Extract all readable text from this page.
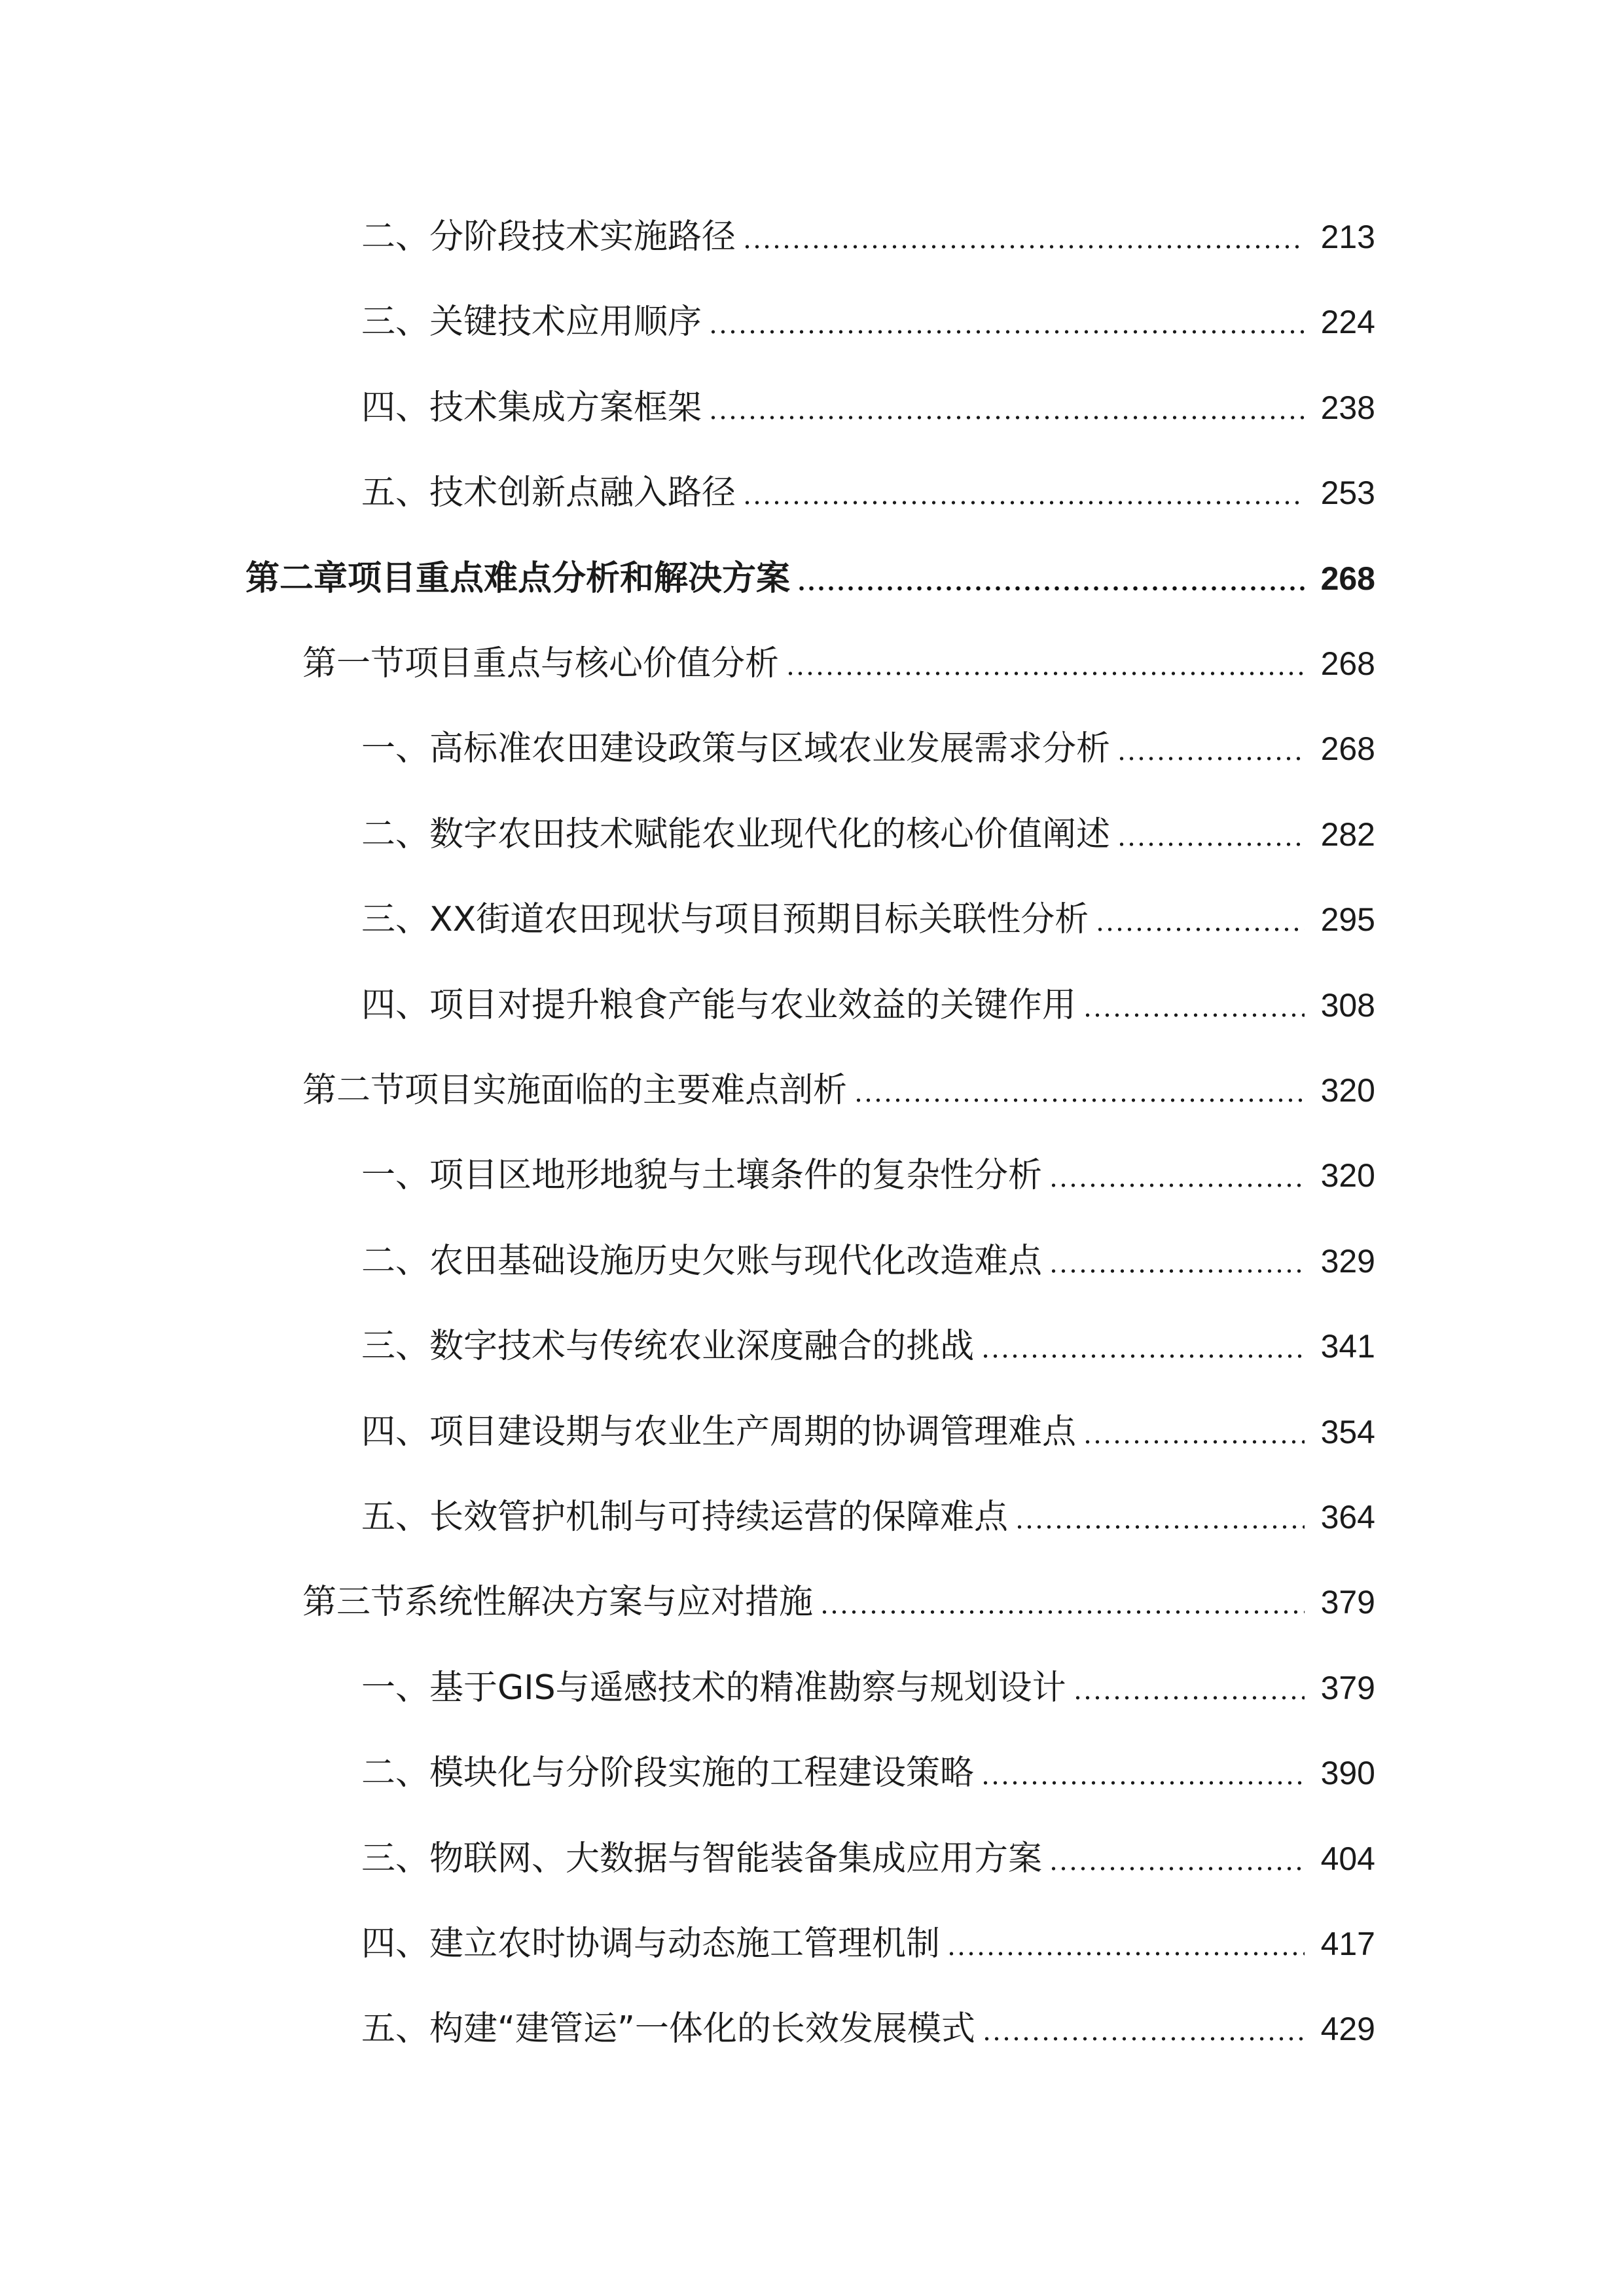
二、分阶段技术实施路径	213
三、关键技术应用顺序	224
四、技术集成方案框架	238
五、技术创新点融入路径	253
第二章项目重点难点分析和解决方案	268
第一节项目重点与核心价值分析	268
一、高标准农田建设政策与区域农业发展需求分析	268
二、数字农田技术赋能农业现代化的核心价值阐述	282
三、XX街道农田现状与项目预期目标关联性分析	295
四、项目对提升粮食产能与农业效益的关键作用	308
第二节项目实施面临的主要难点剖析	320
一、项目区地形地貌与土壤条件的复杂性分析	320
二、农田基础设施历史欠账与现代化改造难点	329
三、数字技术与传统农业深度融合的挑战	341
四、项目建设期与农业生产周期的协调管理难点	354
五、长效管护机制与可持续运营的保障难点	364
第三节系统性解决方案与应对措施	379
一、基于GIS与遥感技术的精准勘察与规划设计	379
二、模块化与分阶段实施的工程建设策略	390
三、物联网、大数据与智能装备集成应用方案	404
四、建立农时协调与动态施工管理机制	417
五、构建“建管运”一体化的长效发展模式	429
